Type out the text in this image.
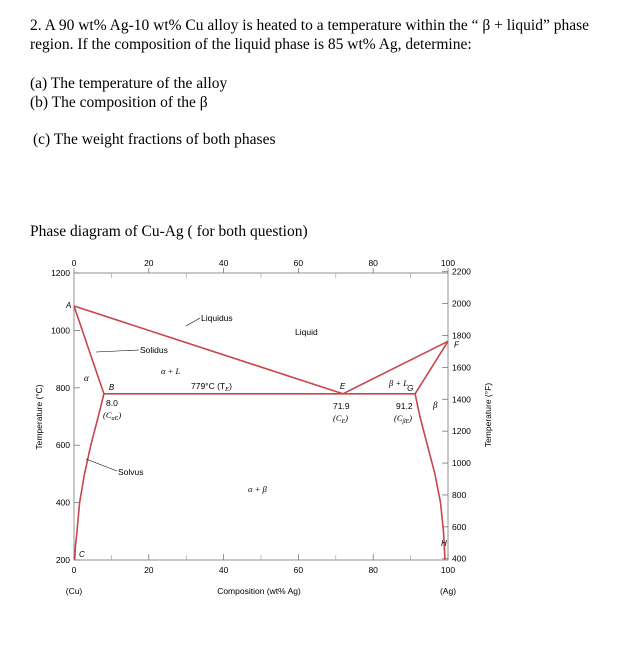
2. A 90 wt% Ag-10 wt% Cu alloy is heated to a temperature within the “ β + liquid” phase
region. If the composition of the liquid phase is 85 wt% Ag, determine:
(a) The temperature of the alloy
(b) The composition of the β
(c) The weight fractions of both phases
Phase diagram of Cu-Ag ( for both question)
0	20	40	60	80	100
0	20	40	60	80	100
200
400
600
800
1000
1200
400
600
800
1000
1200
1400
1600
1800
2000
2200
Composition (wt% Ag)
Temperature (°C)	Temperature (°F)
(Cu)	(Ag)
Liquidus
Liquid
Solidus
Solvus
α
α + L
β
β + L
α + β
779°C $(T_E)$
8.0
$(C_{\alpha E})$
71.9
$(C_E)$
91.2
$(C_{\beta E})$
A
B
C
E
F
G
H
